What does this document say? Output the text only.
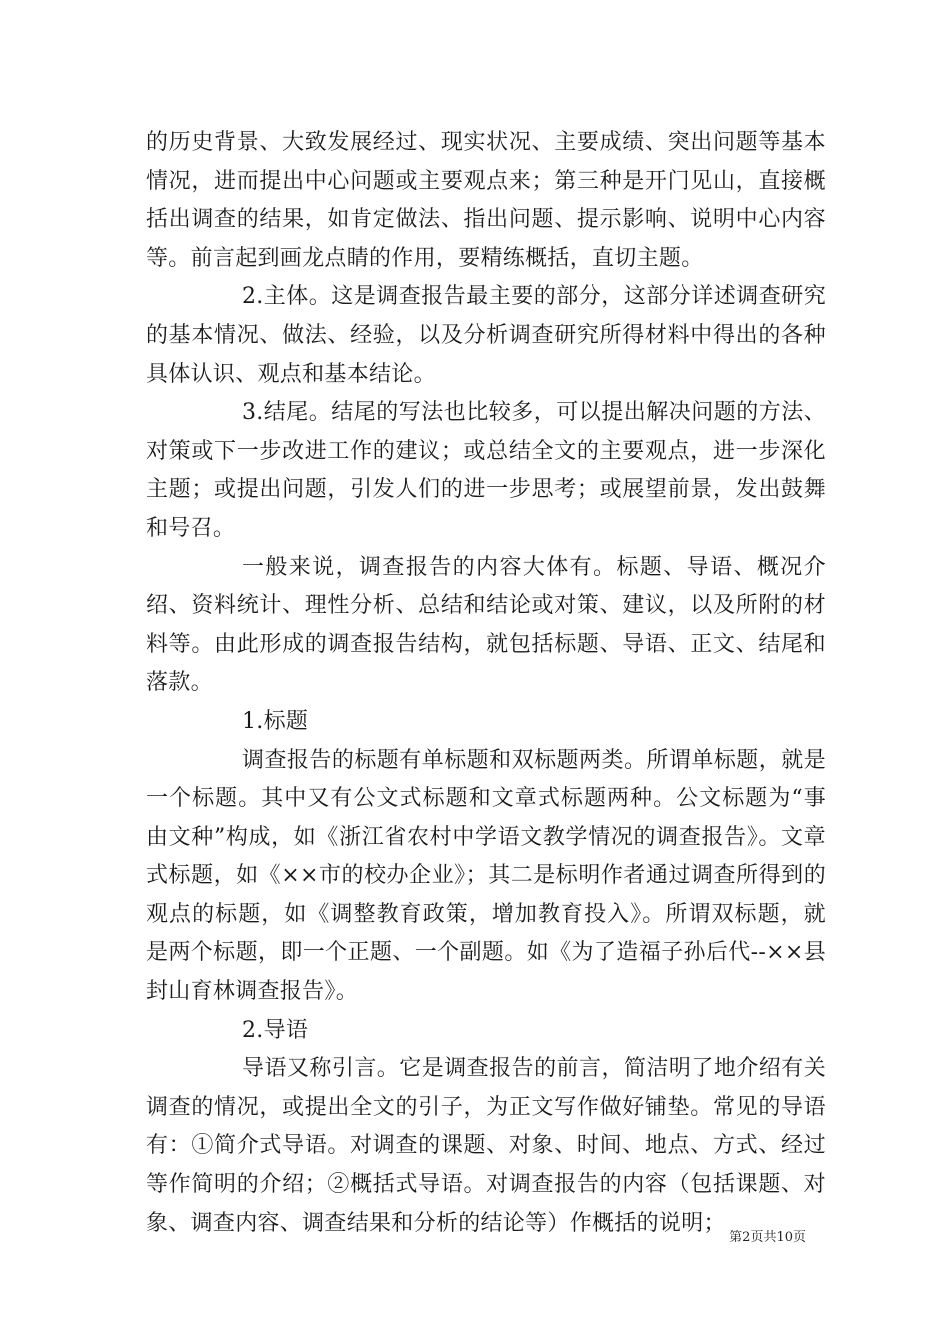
的历史背景、大致发展经过、现实状况、主要成绩、突出问题等基本情况，进而提出中心问题或主要观点来；第三种是开门见山，直接概括出调查的结果，如肯定做法、指出问题、提示影响、说明中心内容等。前言起到画龙点睛的作用，要精练概括，直切主题。

2.主体。这是调查报告最主要的部分，这部分详述调查研究的基本情况、做法、经验，以及分析调查研究所得材料中得出的各种具体认识、观点和基本结论。

3.结尾。结尾的写法也比较多，可以提出解决问题的方法、对策或下一步改进工作的建议；或总结全文的主要观点，进一步深化主题；或提出问题，引发人们的进一步思考；或展望前景，发出鼓舞和号召。

一般来说，调查报告的内容大体有。标题、导语、概况介绍、资料统计、理性分析、总结和结论或对策、建议，以及所附的材料等。由此形成的调查报告结构，就包括标题、导语、正文、结尾和落款。

1.标题

调查报告的标题有单标题和双标题两类。所谓单标题，就是一个标题。其中又有公文式标题和文章式标题两种。公文标题为“事由文种”构成，如《浙江省农村中学语文教学情况的调查报告》。文章式标题，如《××市的校办企业》；其二是标明作者通过调查所得到的观点的标题，如《调整教育政策，增加教育投入》。所谓双标题，就是两个标题，即一个正题、一个副题。如《为了造福子孙后代--××县封山育林调查报告》。

2.导语

导语又称引言。它是调查报告的前言，简洁明了地介绍有关调查的情况，或提出全文的引子，为正文写作做好铺垫。常见的导语有：①简介式导语。对调查的课题、对象、时间、地点、方式、经过等作简明的介绍；②概括式导语。对调查报告的内容（包括课题、对象、调查内容、调查结果和分析的结论等）作概括的说明；

第2页共10页
